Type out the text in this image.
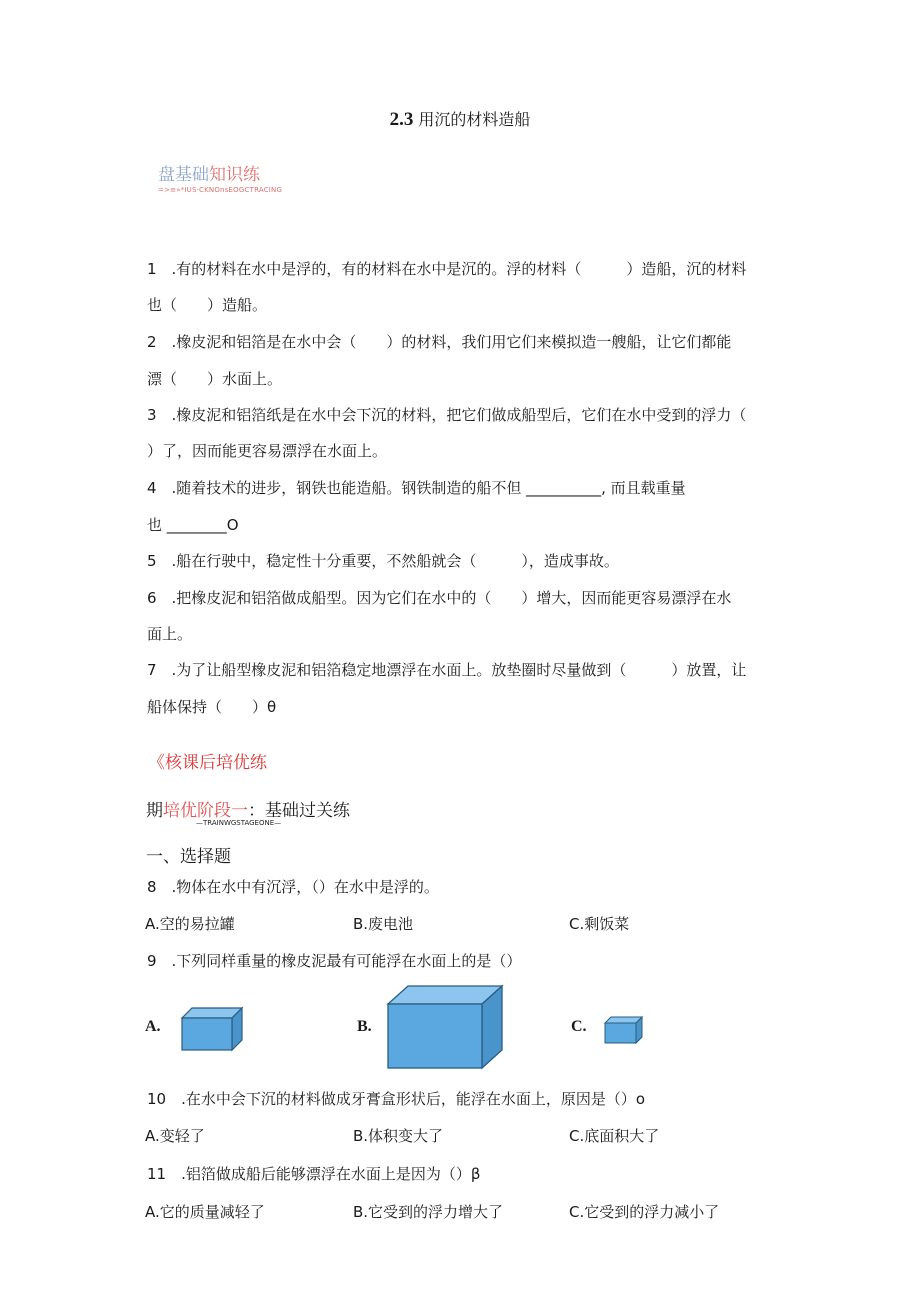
2.3 用沉的材料造船
盘基础知识练
=>≡»*IUS·CKNOnsEOGCTRACING
1　.有的材料在水中是浮的，有的材料在水中是沉的。浮的材料（　　　）造船，沉的材料
也（　　）造船。
2　.橡皮泥和铝箔是在水中会（　　）的材料，我们用它们来模拟造一艘船，让它们都能
漂（　　）水面上。
3　.橡皮泥和铝箔纸是在水中会下沉的材料，把它们做成船型后，它们在水中受到的浮力（
）了，因而能更容易漂浮在水面上。
4　.随着技术的进步，钢铁也能造船。钢铁制造的船不但 __________, 而且载重量
也 ________O
5　.船在行驶中，稳定性十分重要，不然船就会（　　　），造成事故。
6　.把橡皮泥和铝箔做成船型。因为它们在水中的（　　）增大，因而能更容易漂浮在水
面上。
7　.为了让船型橡皮泥和铝箔稳定地漂浮在水面上。放垫圈时尽量做到（　　　）放置，让
船体保持（　　）θ
《核课后培优练
期培优阶段一：基础过关练
—TRAINWGSTAGEONE—
一、选择题
8　.物体在水中有沉浮，（）在水中是浮的。
A.空的易拉罐	B.废电池	C.剩饭菜
9　.下列同样重量的橡皮泥最有可能浮在水面上的是（）
A.	B.	C.
10　.在水中会下沉的材料做成牙膏盒形状后，能浮在水面上，原因是（）o
A.变轻了	B.体积变大了	C.底面积大了
11　.铝箔做成船后能够漂浮在水面上是因为（）β
A.它的质量减轻了	B.它受到的浮力增大了	C.它受到的浮力减小了
